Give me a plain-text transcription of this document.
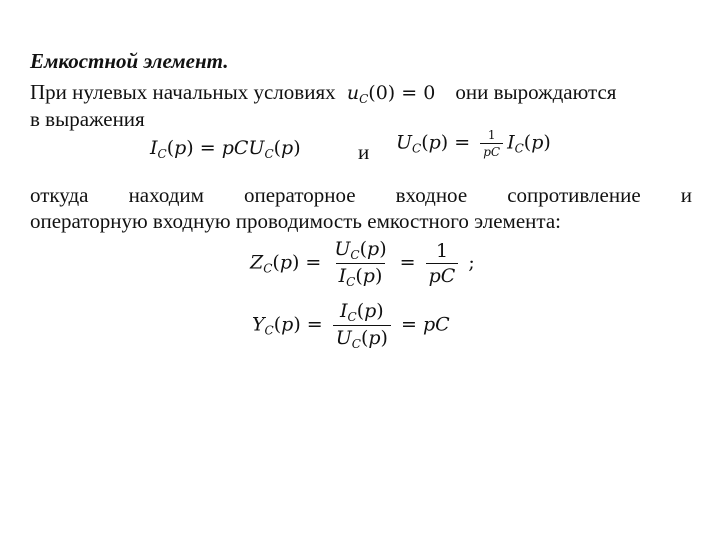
Емкостной элемент.
При нулевых начальных условиях $u_C(0) = 0$ они вырождаются
в выражения
$I_C(p) = pCU_C(p)$	и $U_C(p) = \frac{1}{pC} I_C(p)$
откуда находим операторное входное сопротивление и
операторную входную проводимость емкостного элемента:
$Z_C(p) = \frac{U_C(p)}{I_C(p)} = \frac{1}{pC}$ ;
$Y_C(p) = \frac{I_C(p)}{U_C(p)}$ = pC
